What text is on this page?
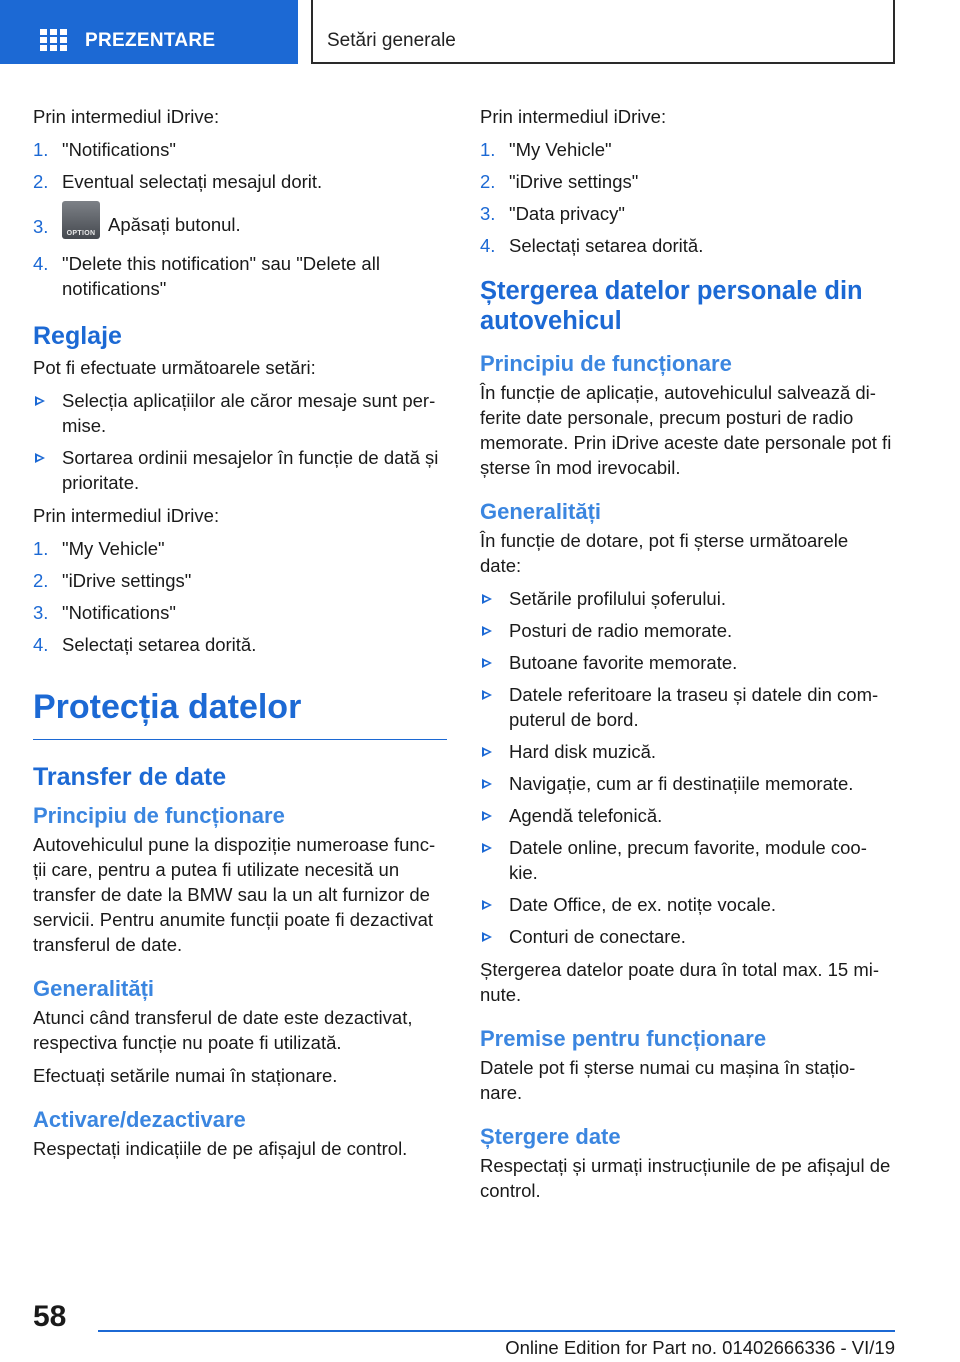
PREZENTARE	Setări generale

Prin intermediul iDrive:

1. "Notifications"
2. Eventual selectați mesajul dorit.
3.	OPTION Apăsați butonul.
4. "Delete this notification" sau "Delete all notifications"
Reglaje

Pot fi efectuate următoarele setări:

Selecția aplicațiilor ale căror mesaje sunt per- mise.
Sortarea ordinii mesajelor în funcție de dată și prioritate.

Prin intermediul iDrive:

1. "My Vehicle"
2. "iDrive settings"
3. "Notifications"
4. Selectați setarea dorită.
Protecția datelor
Transfer de date
Principiu de funcționare

Autovehiculul pune la dispoziție numeroase func- ții care, pentru a putea fi utilizate necesită un transfer de date la BMW sau la un alt furnizor de servicii. Pentru anumite funcții poate fi dezactivat transferul de date.

Generalități

Atunci când transferul de date este dezactivat, respectiva funcție nu poate fi utilizată.

Efectuați setările numai în staționare.

Activare/dezactivare

Respectați indicațiile de pe afișajul de control.

Prin intermediul iDrive:

1. "My Vehicle"
2. "iDrive settings"
3. "Data privacy"
4. Selectați setarea dorită.
Ștergerea datelor personale din autovehicul
Principiu de funcționare

În funcție de aplicație, autovehiculul salvează di- ferite date personale, precum posturi de radio memorate. Prin iDrive aceste date personale pot fi șterse în mod irevocabil.

Generalități

În funcție de dotare, pot fi șterse următoarele date:

Setările profilului șoferului.
Posturi de radio memorate.
Butoane favorite memorate.
Datele referitoare la traseu și datele din com- puterul de bord.
Hard disk muzică.
Navigație, cum ar fi destinațiile memorate.
Agendă telefonică.
Datele online, precum favorite, module coo- kie.
Date Office, de ex. notițe vocale.
Conturi de conectare.

Ștergerea datelor poate dura în total max. 15 mi- nute.

Premise pentru funcționare

Datele pot fi șterse numai cu mașina în stațio- nare.

Ștergere date

Respectați și urmați instrucțiunile de pe afișajul de control.

58
Online Edition for Part no. 01402666336 - VI/19
